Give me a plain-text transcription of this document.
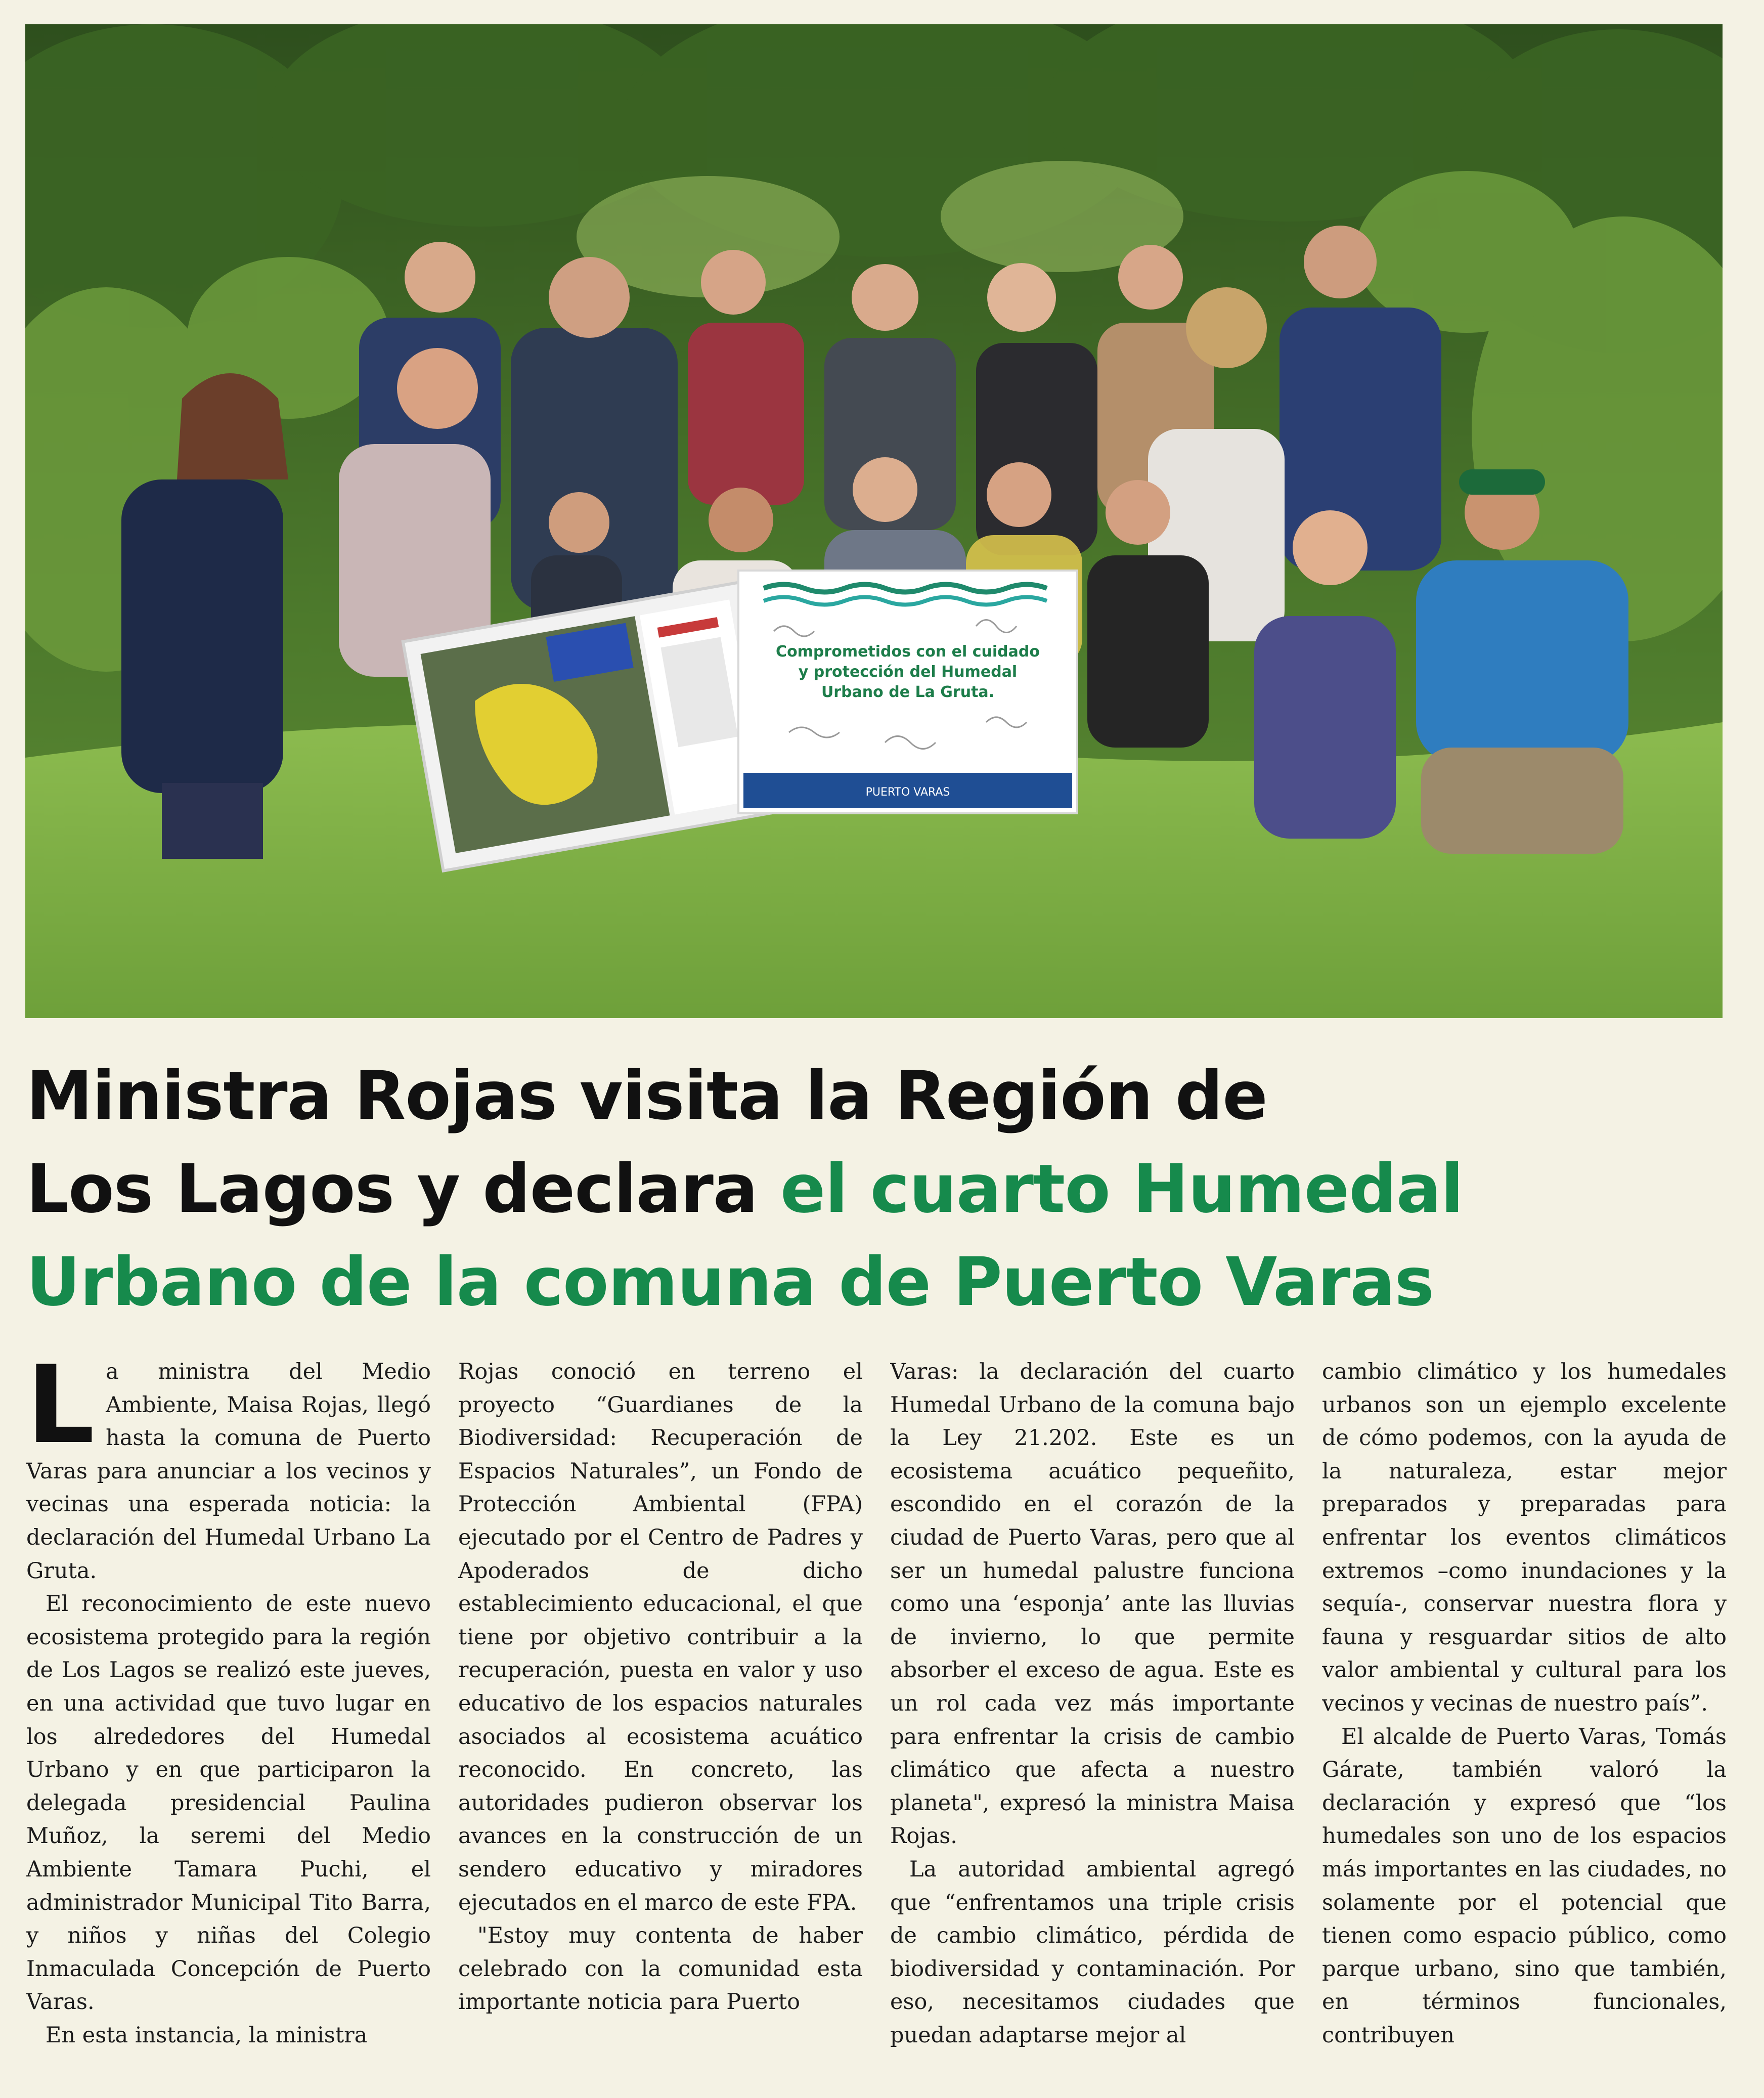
Comprometidos con el cuidado
y protección del Humedal
Urbano de La Gruta.
PUERTO VARAS
Ministra Rojas visita la Región de
Los Lagos y declara el cuarto Humedal
Urbano de la comuna de Puerto Varas

La ministra del Medio Ambiente, Maisa Rojas, llegó hasta la comuna de Puerto Varas para anunciar a los vecinos y vecinas una esperada noticia: la declaración del Humedal Urbano La Gruta.

El reconocimiento de este nuevo ecosistema protegido para la región de Los Lagos se realizó este jueves, en una actividad que tuvo lugar en los alrededores del Humedal Urbano y en que participaron la delegada presidencial Paulina Muñoz, la seremi del Medio Ambiente Tamara Puchi, el administrador Municipal Tito Barra, y niños y niñas del Colegio Inmaculada Concepción de Puerto Varas.

En esta instancia, la ministra

Rojas conoció en terreno el proyecto “Guardianes de la Biodiversidad: Recuperación de Espacios Naturales”, un Fondo de Protección Ambiental (FPA) ejecutado por el Centro de Padres y Apoderados de dicho establecimiento educacional, el que tiene por objetivo contribuir a la recuperación, puesta en valor y uso educativo de los espacios naturales asociados al ecosistema acuático reconocido. En concreto, las autoridades pudieron observar los avances en la construcción de un sendero educativo y miradores ejecutados en el marco de este FPA.

"Estoy muy contenta de haber celebrado con la comunidad esta importante noticia para Puerto

Varas: la declaración del cuarto Humedal Urbano de la comuna bajo la Ley 21.202. Este es un ecosistema acuático pequeñito, escondido en el corazón de la ciudad de Puerto Varas, pero que al ser un humedal palustre funciona como una ‘esponja’ ante las lluvias de invierno, lo que permite absorber el exceso de agua. Este es un rol cada vez más importante para enfrentar la crisis de cambio climático que afecta a nuestro planeta", expresó la ministra Maisa Rojas.

La autoridad ambiental agregó que “enfrentamos una triple crisis de cambio climático, pérdida de biodiversidad y contaminación. Por eso, necesitamos ciudades que puedan adaptarse mejor al

cambio climático y los humedales urbanos son un ejemplo excelente de cómo podemos, con la ayuda de la naturaleza, estar mejor preparados y preparadas para enfrentar los eventos climáticos extremos –como inundaciones y la sequía-, conservar nuestra flora y fauna y resguardar sitios de alto valor ambiental y cultural para los vecinos y vecinas de nuestro país”.

El alcalde de Puerto Varas, Tomás Gárate, también valoró la declaración y expresó que “los humedales son uno de los espacios más importantes en las ciudades, no solamente por el potencial que tienen como espacio público, como parque urbano, sino que también, en términos funcionales, contribuyen
